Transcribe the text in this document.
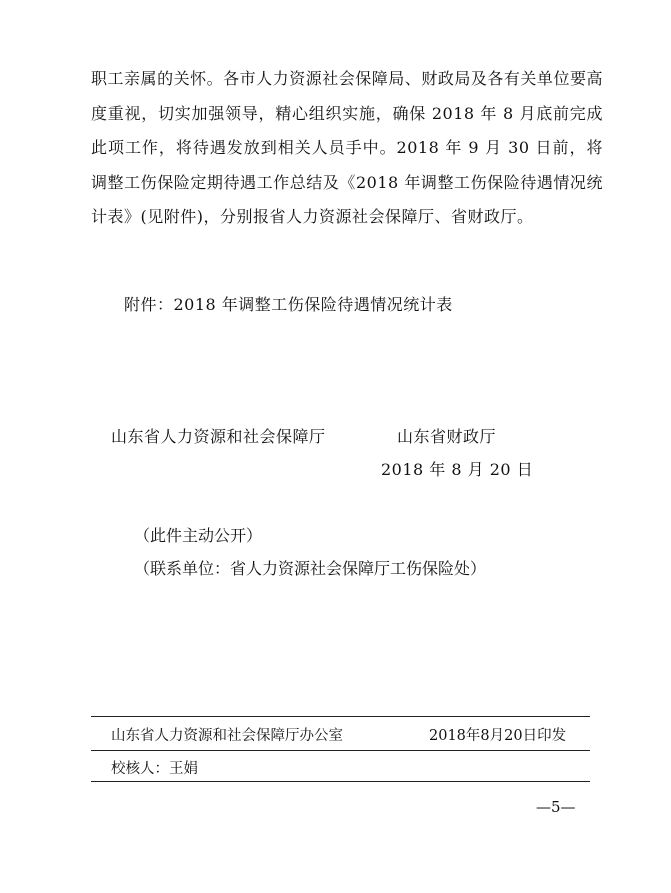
职工亲属的关怀。各市人力资源社会保障局、财政局及各有关单位要高度重视，切实加强领导，精心组织实施，确保 2018 年 8 月底前完成此项工作，将待遇发放到相关人员手中。2018 年 9 月 30 日前，将调整工伤保险定期待遇工作总结及《2018 年调整工伤保险待遇情况统计表》(见附件)，分别报省人力资源社会保障厅、省财政厅。

附件：2018 年调整工伤保险待遇情况统计表
山东省人力资源和社会保障厅	山东省财政厅
2018 年 8 月 20 日
（此件主动公开）
（联系单位：省人力资源社会保障厅工伤保险处）
山东省人力资源和社会保障厅办公室	2018年8月20日印发
校核人：王娟
—5—
